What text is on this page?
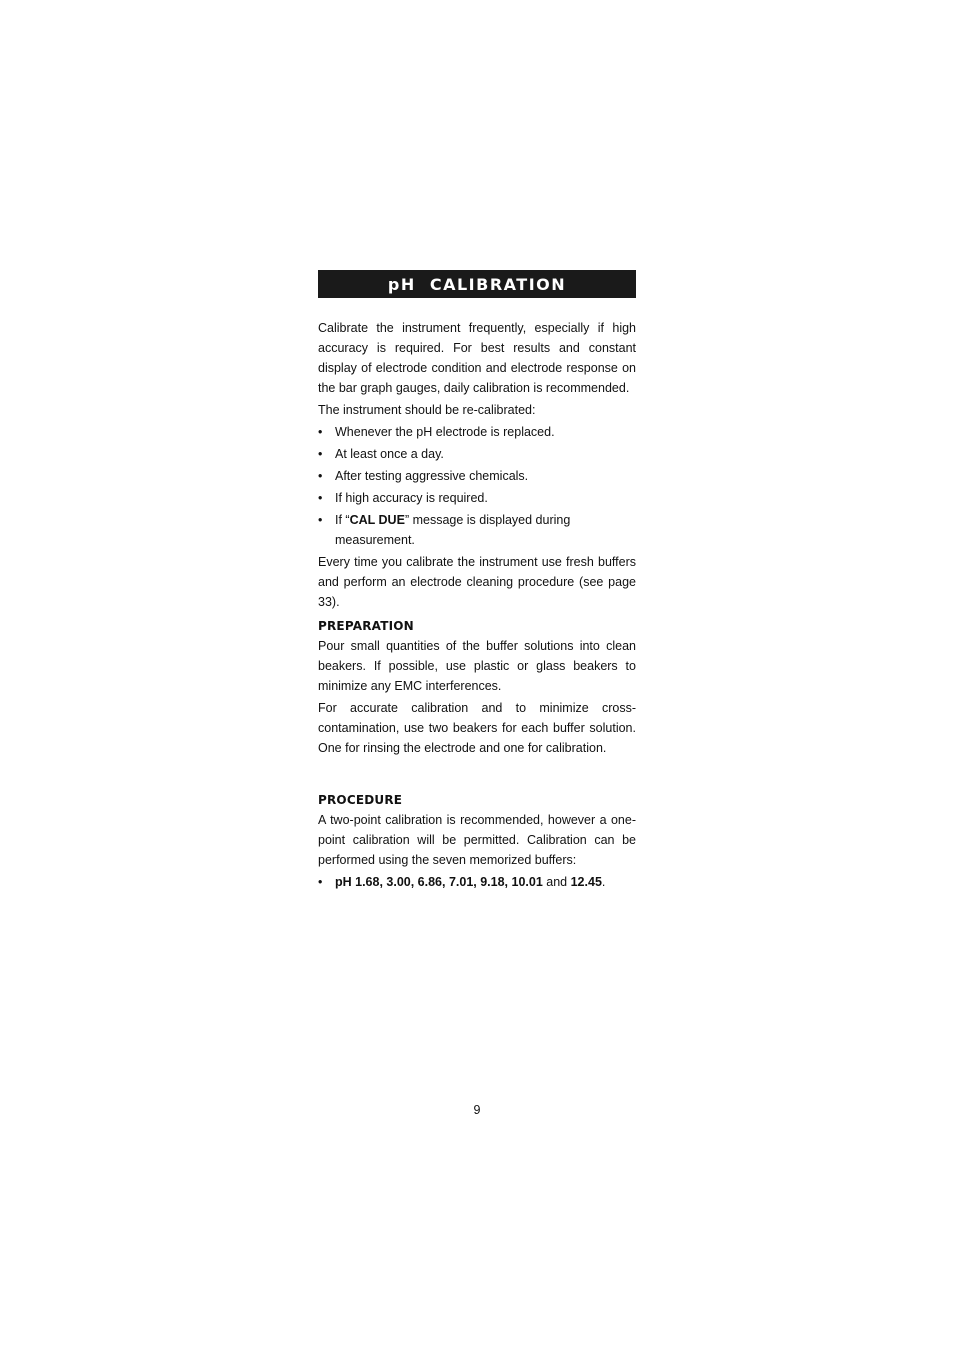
pH  CALIBRATION

Calibrate the instrument frequently, especially if high accuracy is required. For best results and constant display of electrode condition and electrode response on the bar graph gauges, daily calibration is recommended.

The instrument should be re-calibrated:

• Whenever the pH electrode is replaced.
• At least once a day.
• After testing aggressive chemicals.
• If high accuracy is required.
• If “CAL DUE” message is displayed during measurement.

Every time you calibrate the instrument use fresh buffers and perform an electrode cleaning procedure (see page 33).

PREPARATION

Pour small quantities of the buffer solutions into clean beakers. If possible, use plastic or glass beakers to minimize any EMC interferences.

For accurate calibration and to minimize cross-contamination, use two beakers for each buffer solution. One for rinsing the electrode and one for calibration.

PROCEDURE

A two-point calibration is recommended, however a one-point calibration will be permitted. Calibration can be performed using the seven memorized buffers:

• pH 1.68, 3.00, 6.86, 7.01, 9.18, 10.01 and 12.45.
9
